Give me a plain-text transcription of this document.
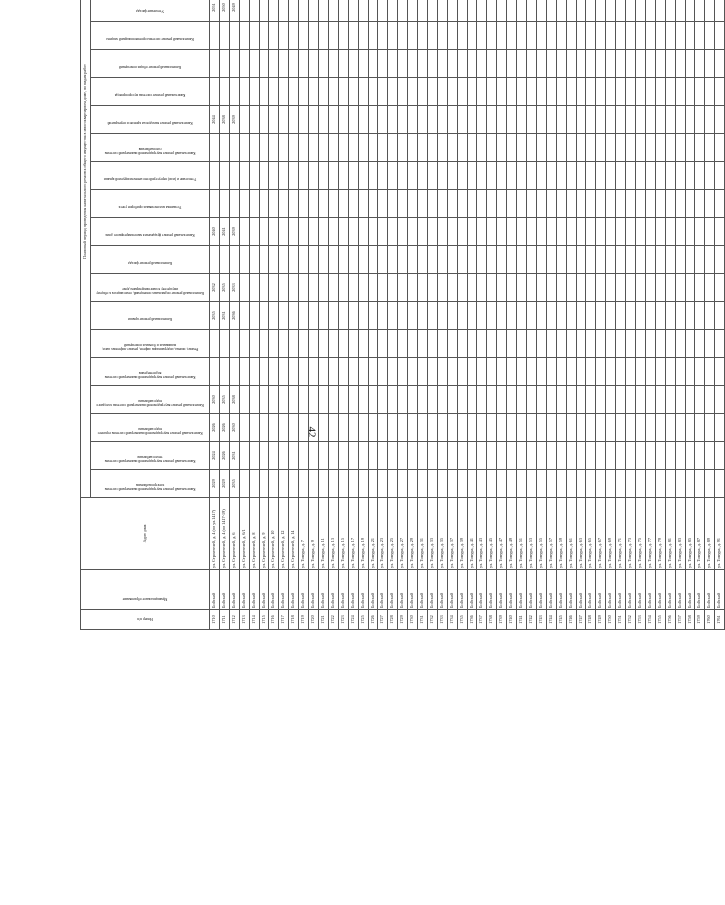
42
Номер п/п	Муниципальное образование	Адрес дома	Плановый период проведения капитального ремонта общего имущества в многоквартирном доме, по видам работ																							

			Капитальный ремонт внутридомовой инженерной системы электроснабжения	Капитальный ремонт внутридомовой инженерной системы теплоснабжения	Капитальный ремонт внутридомовой инженерной системы горячего водоснабжения	Капитальный ремонт внутридомовой инженерной системы холодного водоснабжения	Капитальный ремонт внутридомовой инженерной системы водоотведения	Ремонт, замена, модернизация лифтов, ремонт лифтовых шахт, машинных и блочных помещений	Капитальный ремонт крыши	Капитальный ремонт подвальных помещений, относящихся к общему имуществу в многоквартирном доме	Капитальный ремонт фасада	Капитальный ремонт фундамента многоквартирного дома	Установка коллективных приборов учета	Утепление и (или) переустройство невентилируемой крыши	Капитальный ремонт внутридомовой инженерной системы газоснабжения	Капитальный ремонт выходов на кровлю и перекрытий	Капитальный ремонт системы мусоропровода	Капитальный ремонт общих помещений	Капитальный ремонт системы противопожарной защиты	Утепление фасада

1710	Бийский	ул. Строителей, д. 4 (по ул.1417)	2029	2024	2026	2030			2035	2032		2040				2044				2051						
1711	Бийский	ул. Строителей, д. 4 (по 1417-19)	2029	2026	2026	2035			2031	2035		2041				2038				2050						
1712	Бийский	ул. Строителей, д. 6	2035	2031	2030	2038			2036	2033		2039				2039				2049						
1713	Бийский	ул. Строителей, д. 6/1																								
1714	Бийский	ул. Строителей, д. 8																								
1715	Бийский	ул. Строителей, д. 9																								
1716	Бийский	ул. Строителей, д. 10																								
1717	Бийский	ул. Строителей, д. 12																								
1718	Бийский	ул. Строителей, д. 14																								
1719	Бийский	ул. Тимура, д. 7																								
1720	Бийский	ул. Тимура, д. 9																								
1721	Бийский	ул. Тимура, д. 11																								
1722	Бийский	ул. Тимура, д. 13																								
1723	Бийский	ул. Тимура, д. 15																								
1724	Бийский	ул. Тимура, д. 17																								
1725	Бийский	ул. Тимура, д. 19																								
1726	Бийский	ул. Тимура, д. 21																								
1727	Бийский	ул. Тимура, д. 23																								
1728	Бийский	ул. Тимура, д. 25																								
1729	Бийский	ул. Тимура, д. 27																								
1730	Бийский	ул. Тимура, д. 29																								
1731	Бийский	ул. Тимура, д. 31																								
1732	Бийский	ул. Тимура, д. 33																								
1733	Бийский	ул. Тимура, д. 35																								
1734	Бийский	ул. Тимура, д. 37																								
1735	Бийский	ул. Тимура, д. 39																								
1736	Бийский	ул. Тимура, д. 41																								
1737	Бийский	ул. Тимура, д. 43																								
1738	Бийский	ул. Тимура, д. 45																								
1739	Бийский	ул. Тимура, д. 47																								
1740	Бийский	ул. Тимура, д. 49																								
1741	Бийский	ул. Тимура, д. 51																								
1742	Бийский	ул. Тимура, д. 53																								
1743	Бийский	ул. Тимура, д. 55																								
1744	Бийский	ул. Тимура, д. 57																								
1745	Бийский	ул. Тимура, д. 59																								
1746	Бийский	ул. Тимура, д. 61																								
1747	Бийский	ул. Тимура, д. 63																								
1748	Бийский	ул. Тимура, д. 65																								
1749	Бийский	ул. Тимура, д. 67																								
1750	Бийский	ул. Тимура, д. 69																								
1751	Бийский	ул. Тимура, д. 71																								
1752	Бийский	ул. Тимура, д. 73																								
1753	Бийский	ул. Тимура, д. 75																								
1754	Бийский	ул. Тимура, д. 77																								
1755	Бийский	ул. Тимура, д. 79																								
1756	Бийский	ул. Тимура, д. 81																								
1757	Бийский	ул. Тимура, д. 83																								
1758	Бийский	ул. Тимура, д. 85																								
1759	Бийский	ул. Тимура, д. 87																								
1760	Бийский	ул. Тимура, д. 89																								
1761	Бийский	ул. Тимура, д. 91																								
